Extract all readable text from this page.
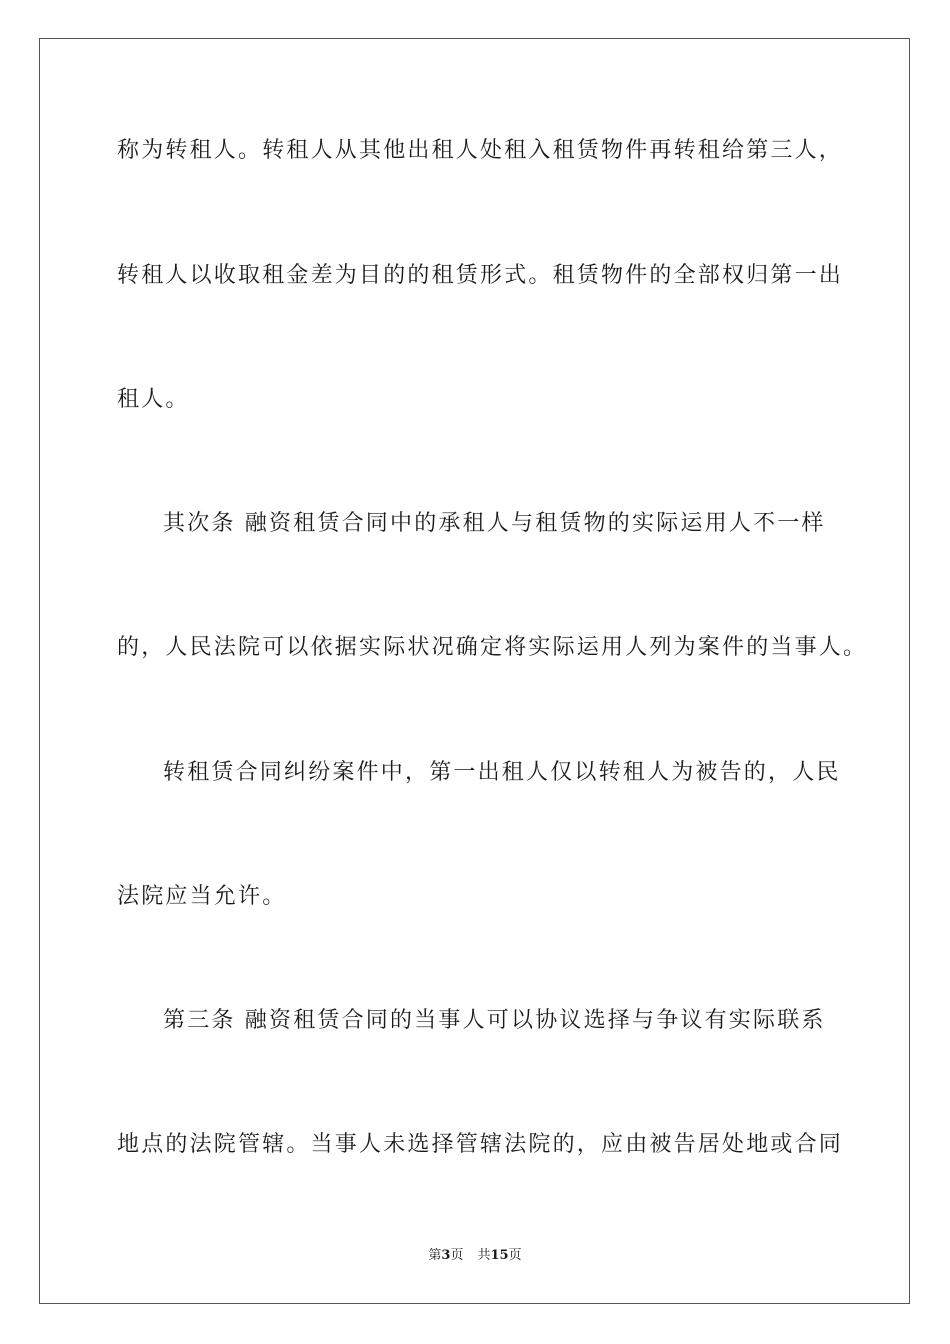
称为转租人。转租人从其他出租人处租入租赁物件再转租给第三人，
转租人以收取租金差为目的的租赁形式。租赁物件的全部权归第一出
租人。
其次条 融资租赁合同中的承租人与租赁物的实际运用人不一样
的，人民法院可以依据实际状况确定将实际运用人列为案件的当事人。
转租赁合同纠纷案件中，第一出租人仅以转租人为被告的，人民
法院应当允许。
第三条 融资租赁合同的当事人可以协议选择与争议有实际联系
地点的法院管辖。当事人未选择管辖法院的，应由被告居处地或合同
第3页 共15页
